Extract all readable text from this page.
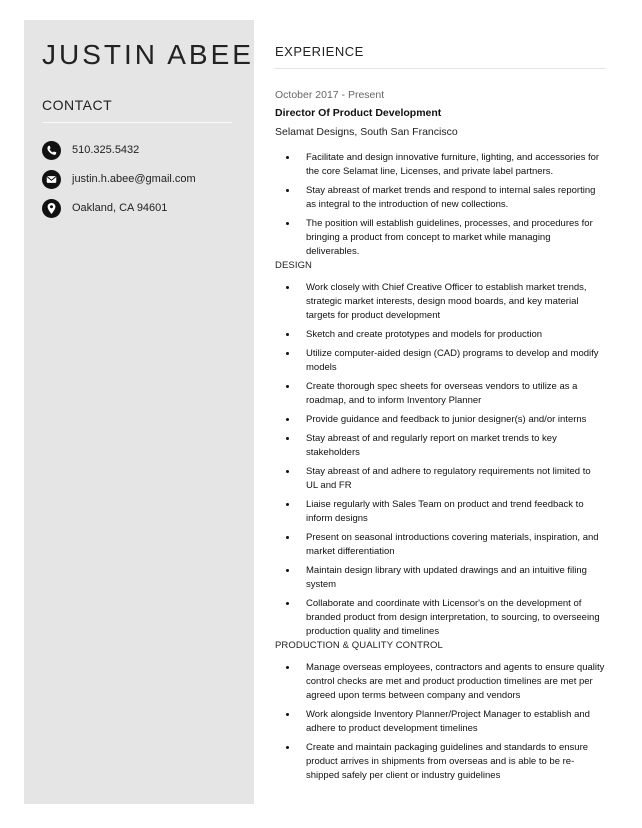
JUSTIN ABEE
CONTACT
510.325.5432
justin.h.abee@gmail.com
Oakland, CA 94601
EXPERIENCE
October 2017 - Present
Director Of Product Development
Selamat Designs, South San Francisco
Facilitate and design innovative furniture, lighting, and accessories for the core Selamat line, Licenses, and private label partners.
Stay abreast of market trends and respond to internal sales reporting as integral to the introduction of new collections.
The position will establish guidelines, processes, and procedures for bringing a product from concept to market while managing deliverables.
DESIGN
Work closely with Chief Creative Officer to establish market trends, strategic market interests, design mood boards, and key material targets for product development
Sketch and create prototypes and models for production
Utilize computer-aided design (CAD) programs to develop and modify models
Create thorough spec sheets for overseas vendors to utilize as a roadmap, and to inform Inventory Planner
Provide guidance and feedback to junior designer(s) and/or interns
Stay abreast of and regularly report on market trends to key stakeholders
Stay abreast of and adhere to regulatory requirements not limited to UL and FR
Liaise regularly with Sales Team on product and trend feedback to inform designs
Present on seasonal introductions covering materials, inspiration, and market differentiation
Maintain design library with updated drawings and an intuitive filing system
Collaborate and coordinate with Licensor's on the development of branded product from design interpretation, to sourcing, to overseeing production quality and timelines
PRODUCTION & QUALITY CONTROL
Manage overseas employees, contractors and agents to ensure quality control checks are met and product production timelines are met per agreed upon terms between company and vendors
Work alongside Inventory Planner/Project Manager to establish and adhere to product development timelines
Create and maintain packaging guidelines and standards to ensure product arrives in shipments from overseas and is able to be re-shipped safely per client or industry guidelines
